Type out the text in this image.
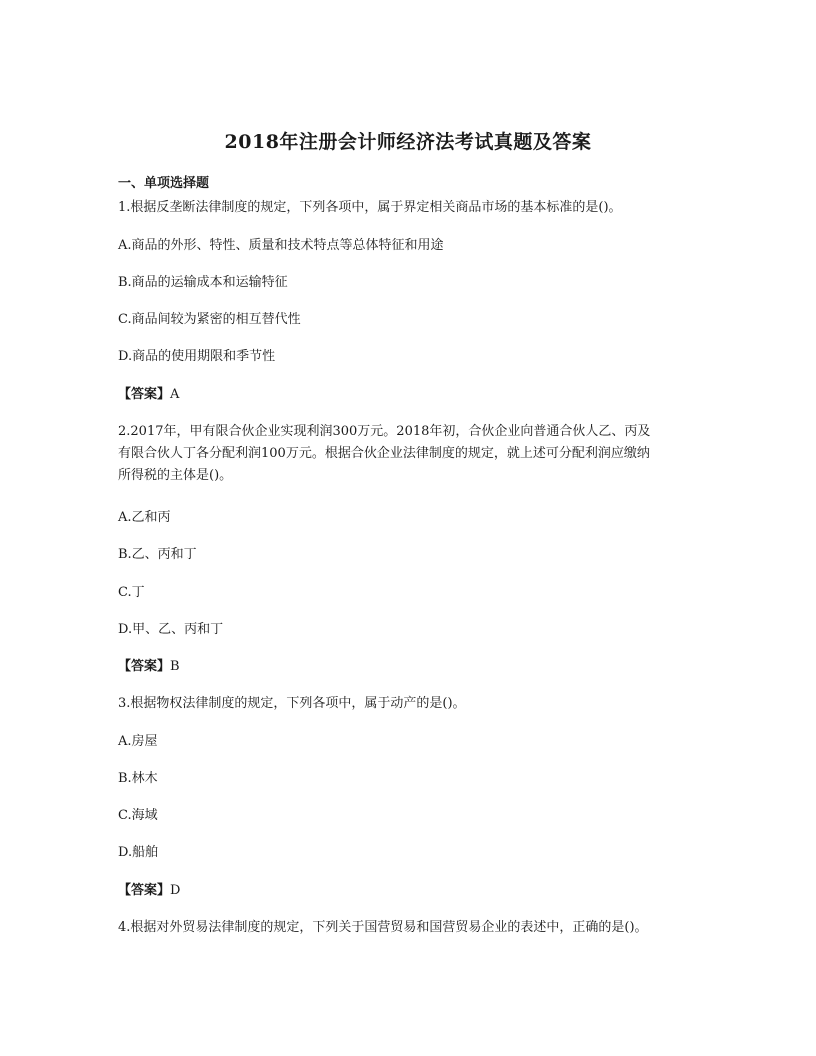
2018年注册会计师经济法考试真题及答案
一、单项选择题
1.根据反垄断法律制度的规定，下列各项中，属于界定相关商品市场的基本标准的是()。
A.商品的外形、特性、质量和技术特点等总体特征和用途
B.商品的运输成本和运输特征
C.商品间较为紧密的相互替代性
D.商品的使用期限和季节性
【答案】A
2.2017年，甲有限合伙企业实现利润300万元。2018年初，合伙企业向普通合伙人乙、丙及
有限合伙人丁各分配利润100万元。根据合伙企业法律制度的规定，就上述可分配利润应缴纳
所得税的主体是()。
A.乙和丙
B.乙、丙和丁
C.丁
D.甲、乙、丙和丁
【答案】B
3.根据物权法律制度的规定，下列各项中，属于动产的是()。
A.房屋
B.林木
C.海域
D.船舶
【答案】D
4.根据对外贸易法律制度的规定，下列关于国营贸易和国营贸易企业的表述中，正确的是()。
